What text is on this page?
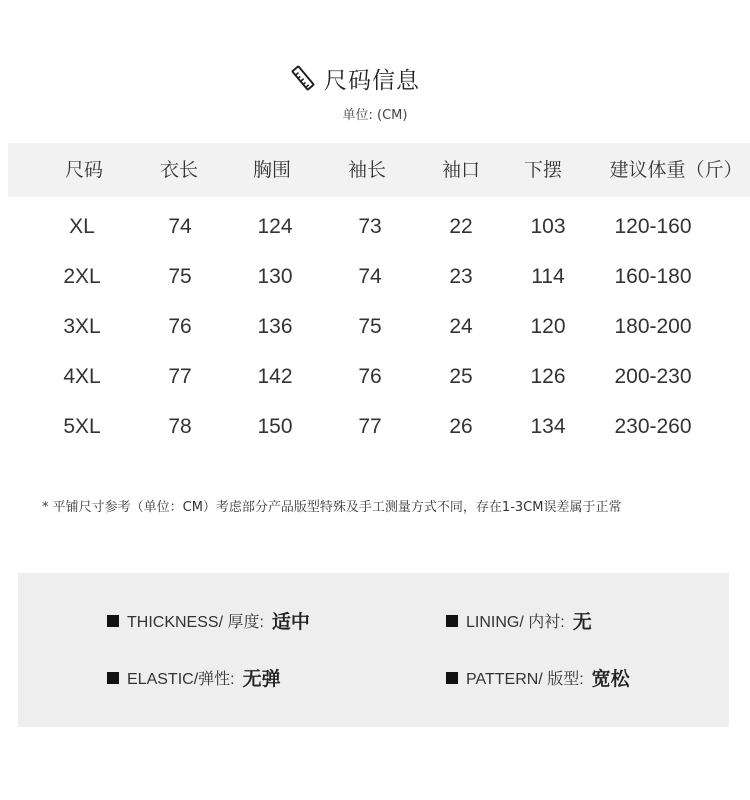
尺码信息
单位: (CM)
尺码	衣长	胸围	袖长	袖口 下摆 建议体重（斤）
XL	74	124	73	22	103 120-160
2XL	75	130	74	23	114 160-180
3XL	76	136	75	24	120 180-200
4XL	77	142	76	25	126 200-230
5XL	78	150	77	26	134 230-260
* 平铺尺寸参考（单位：CM）考虑部分产品版型特殊及手工测量方式不同，存在1-3CM误差属于正常
THICKNESS/ 厚度: 适中	LINING/ 内衬: 无
ELASTIC/弹性: 无弹	PATTERN/ 版型: 宽松
